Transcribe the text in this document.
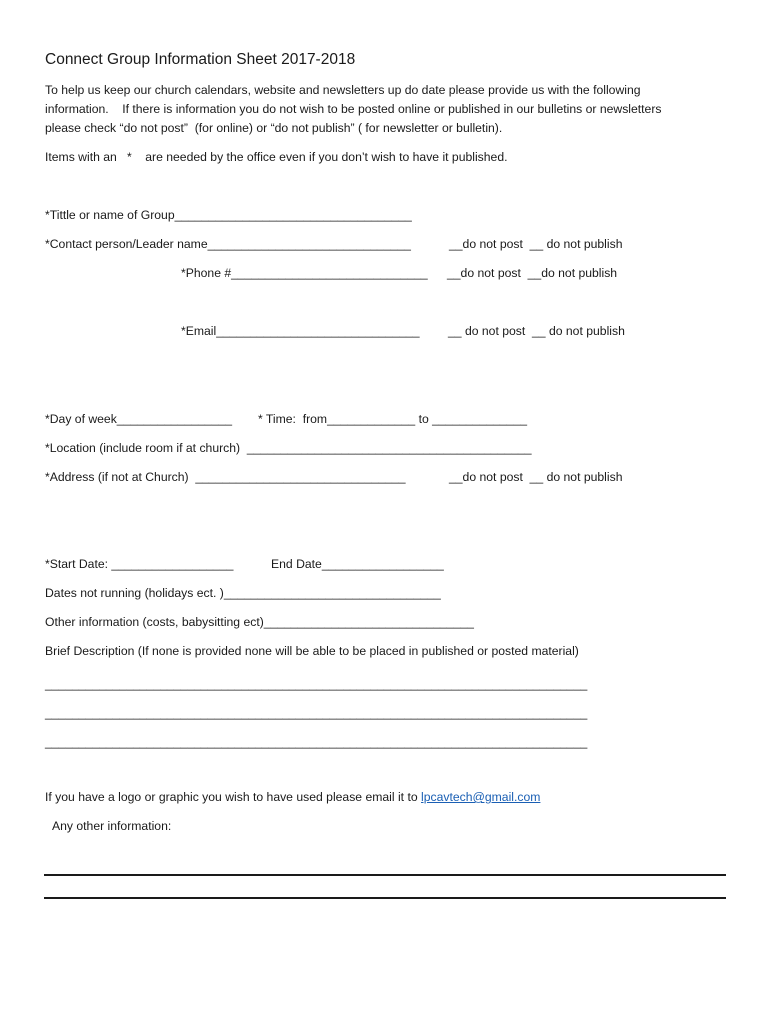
Connect Group Information Sheet 2017-2018
To help us keep our church calendars, website and newsletters up do date please provide us with the following
information.    If there is information you do not wish to be posted online or published in our bulletins or newsletters
please check “do not post”  (for online) or “do not publish” ( for newsletter or bulletin).
Items with an   *    are needed by the office even if you don’t wish to have it published.
*Tittle or name of Group___________________________________
*Contact person/Leader name______________________________	__do not post  __ do not publish
*Phone #_____________________________ __do not post  __do not publish
*Email______________________________ __ do not post  __ do not publish
*Day of week_________________ * Time:  from_____________ to ______________
*Location (include room if at church)  __________________________________________
*Address (if not at Church)  _______________________________	__do not post  __ do not publish
*Start Date: __________________	End Date__________________
Dates not running (holidays ect. )________________________________
Other information (costs, babysitting ect)_______________________________
Brief Description (If none is provided none will be able to be placed in published or posted material)
________________________________________________________________________________
________________________________________________________________________________
________________________________________________________________________________
If you have a logo or graphic you wish to have used please email it to lpcavtech@gmail.com
Any other information:
